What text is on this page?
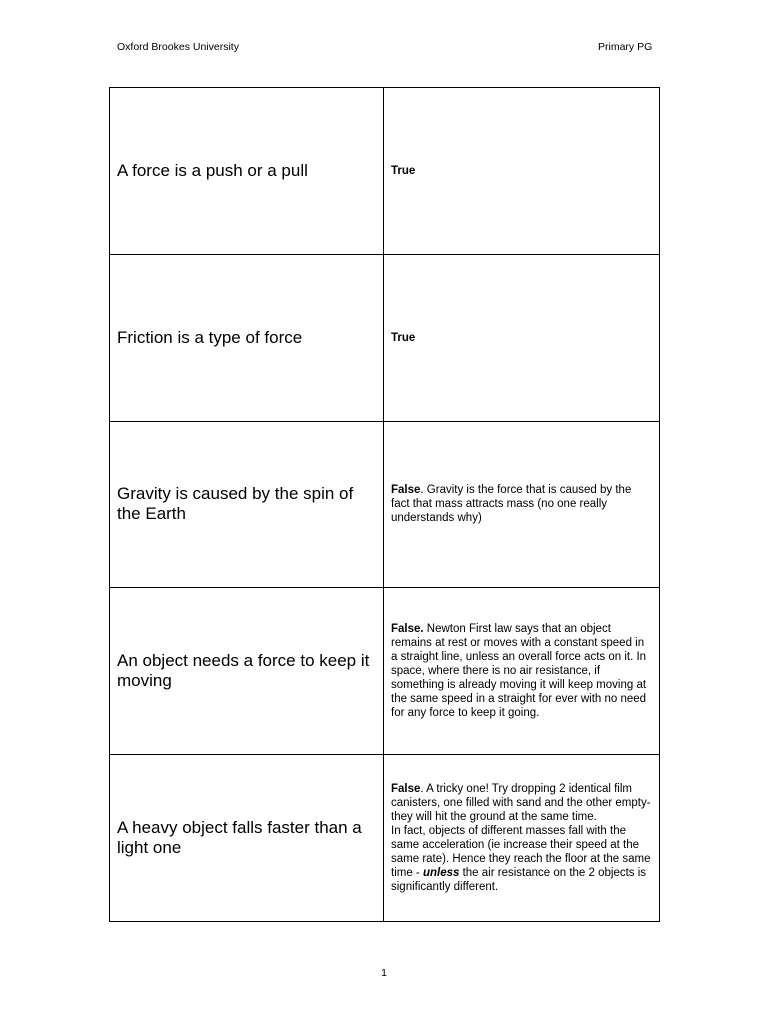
Oxford Brookes University	Primary PG
A force is a push or a pull	True

Friction is a type of force	True

Gravity is caused by the spin of the Earth	False. Gravity is the force that is caused by the fact that mass attracts mass (no one really understands why)

An object needs a force to keep it moving	False. Newton First law says that an object remains at rest or moves with a constant speed in a straight line, unless an overall force acts on it. In space, where there is no air resistance, if something is already moving it will keep moving at the same speed in a straight for ever with no need for any force to keep it going.

A heavy object falls faster than a light one	False. A tricky one! Try dropping 2 identical film canisters, one filled with sand and the other empty- they will hit the ground at the same time.
In fact, objects of different masses fall with the same acceleration (ie increase their speed at the same rate). Hence they reach the floor at the same time - unless the air resistance on the 2 objects is significantly different.
1
